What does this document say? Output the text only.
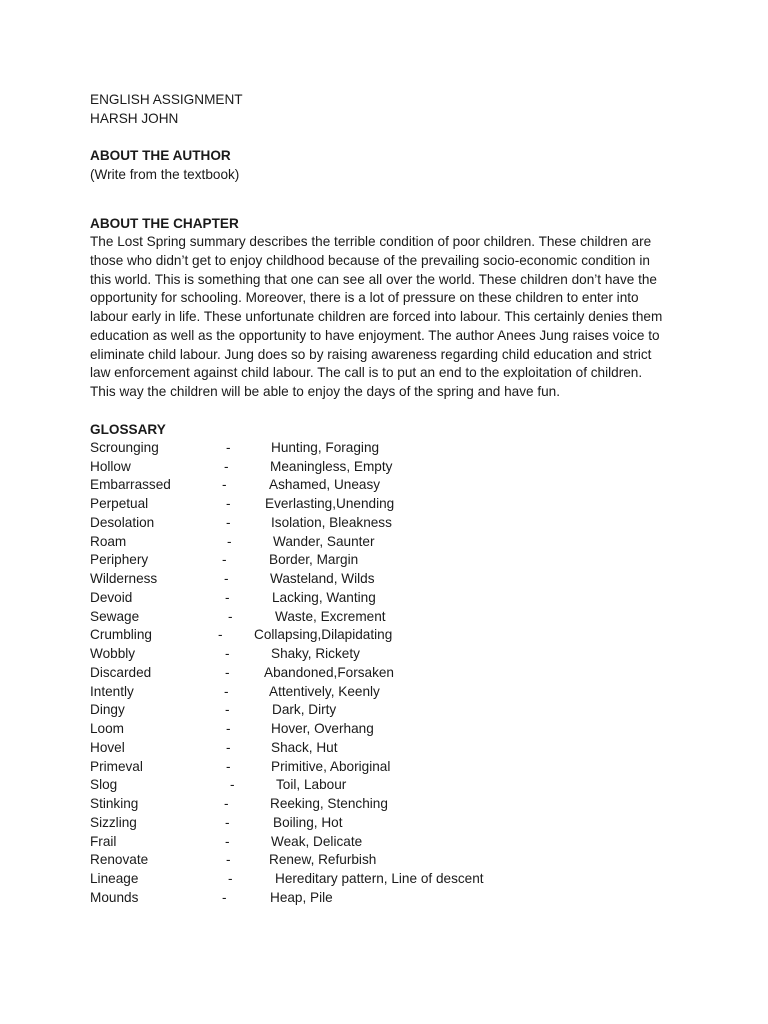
ENGLISH ASSIGNMENT
HARSH JOHN
ABOUT THE AUTHOR
(Write from the textbook)
ABOUT THE CHAPTER
The Lost Spring summary describes the terrible condition of poor children. These children are
those who didn’t get to enjoy childhood because of the prevailing socio-economic condition in
this world. This is something that one can see all over the world. These children don’t have the
opportunity for schooling. Moreover, there is a lot of pressure on these children to enter into
labour early in life. These unfortunate children are forced into labour. This certainly denies them
education as well as the opportunity to have enjoyment. The author Anees Jung raises voice to
eliminate child labour. Jung does so by raising awareness regarding child education and strict
law enforcement against child labour. The call is to put an end to the exploitation of children.
This way the children will be able to enjoy the days of the spring and have fun.
GLOSSARY
Scrounging	-	Hunting, Foraging
Hollow	-	Meaningless, Empty
Embarrassed	-	Ashamed, Uneasy
Perpetual	-	Everlasting,Unending
Desolation	-	Isolation, Bleakness
Roam	-	Wander, Saunter
Periphery	-	Border, Margin
Wilderness	-	Wasteland, Wilds
Devoid	-	Lacking, Wanting
Sewage	-	Waste, Excrement
Crumbling	- Collapsing,Dilapidating
Wobbly	-	Shaky, Rickety
Discarded	-	Abandoned,Forsaken
Intently	-	Attentively, Keenly
Dingy	-	Dark, Dirty
Loom	-	Hover, Overhang
Hovel	-	Shack, Hut
Primeval	-	Primitive, Aboriginal
Slog	-	Toil, Labour
Stinking	-	Reeking, Stenching
Sizzling	-	Boiling, Hot
Frail	-	Weak, Delicate
Renovate	-	Renew, Refurbish
Lineage	-	Hereditary pattern, Line of descent
Mounds	-	Heap, Pile
